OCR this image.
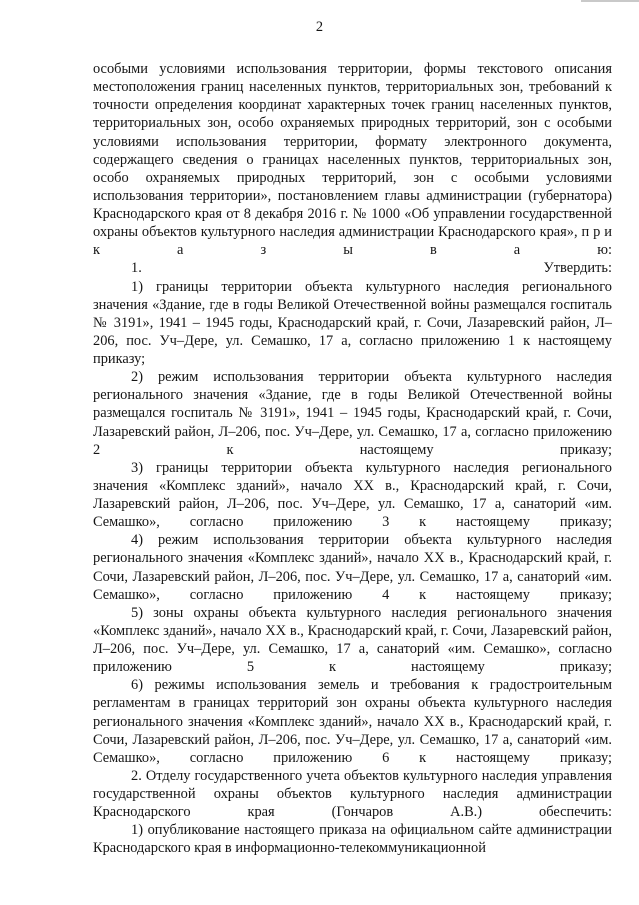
2

особыми условиями использования территории, формы текстового описания местоположения границ населенных пунктов, территориальных зон, требований к точности определения координат характерных точек границ населенных пунктов, территориальных зон, особо охраняемых природных территорий, зон с особыми условиями использования территории, формату электронного документа, содержащего сведения о границах населенных пунктов, территориальных зон, особо охраняемых природных территорий, зон с особыми условиями использования территории», постановлением главы администрации (губернатора) Краснодарского края от 8 декабря 2016 г. № 1000 «Об управлении государственной охраны объектов культурного наследия администрации Краснодарского края», п р и к а з ы в а ю:

1. Утвердить:

1) границы территории объекта культурного наследия регионального значения «Здание, где в годы Великой Отечественной войны размещался госпиталь № 3191», 1941 – 1945 годы, Краснодарский край, г. Сочи, Лазаревский район, Л–206, пос. Уч–Дере, ул. Семашко, 17 а, согласно приложению 1 к настоящему приказу;

2) режим использования территории объекта культурного наследия регионального значения «Здание, где в годы Великой Отечественной войны размещался госпиталь № 3191», 1941 – 1945 годы, Краснодарский край, г. Сочи, Лазаревский район, Л–206, пос. Уч–Дере, ул. Семашко, 17 а, согласно приложению 2 к настоящему приказу;

3) границы территории объекта культурного наследия регионального значения «Комплекс зданий», начало XX в., Краснодарский край, г. Сочи, Лазаревский район, Л–206, пос. Уч–Дере, ул. Семашко, 17 а, санаторий «им. Семашко», согласно приложению 3 к настоящему приказу;

4) режим использования территории объекта культурного наследия регионального значения «Комплекс зданий», начало XX в., Краснодарский край, г. Сочи, Лазаревский район, Л–206, пос. Уч–Дере, ул. Семашко, 17 а, санаторий «им. Семашко», согласно приложению 4 к настоящему приказу;

5) зоны охраны объекта культурного наследия регионального значения «Комплекс зданий», начало XX в., Краснодарский край, г. Сочи, Лазаревский район, Л–206, пос. Уч–Дере, ул. Семашко, 17 а, санаторий «им. Семашко», согласно приложению 5 к настоящему приказу;

6) режимы использования земель и требования к градостроительным регламентам в границах территорий зон охраны объекта культурного наследия регионального значения «Комплекс зданий», начало XX в., Краснодарский край, г. Сочи, Лазаревский район, Л–206, пос. Уч–Дере, ул. Семашко, 17 а, санаторий «им. Семашко», согласно приложению 6 к настоящему приказу;

2. Отделу государственного учета объектов культурного наследия управления государственной охраны объектов культурного наследия администрации Краснодарского края (Гончаров А.В.) обеспечить:

1) опубликование настоящего приказа на официальном сайте администрации Краснодарского края в информационно-телекоммуникационной
